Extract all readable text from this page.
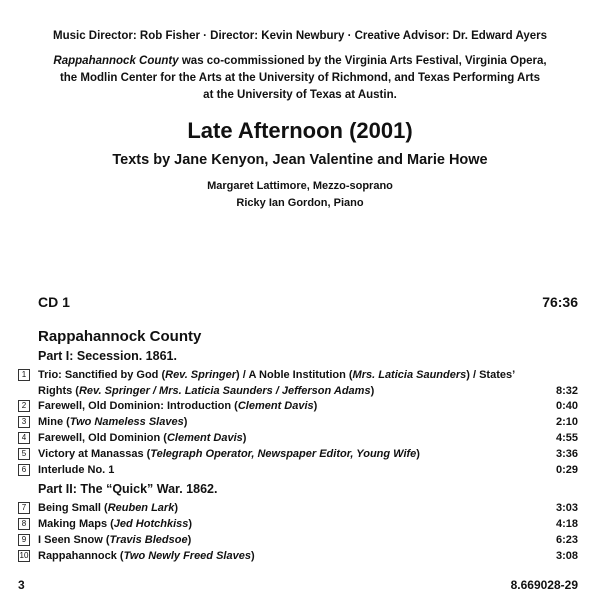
Music Director: Rob Fisher · Director: Kevin Newbury · Creative Advisor: Dr. Edward Ayers
Rappahannock County was co-commissioned by the Virginia Arts Festival, Virginia Opera,
the Modlin Center for the Arts at the University of Richmond, and Texas Performing Arts
at the University of Texas at Austin.
Late Afternoon (2001)
Texts by Jane Kenyon, Jean Valentine and Marie Howe
Margaret Lattimore, Mezzo-soprano
Ricky Ian Gordon, Piano
CD 1	76:36
Rappahannock County
Part I: Secession. 1861.
1	Trio: Sanctified by God (Rev. Springer) / A Noble Institution (Mrs. Laticia Saunders) / States’ Rights (Rev. Springer / Mrs. Laticia Saunders / Jefferson Adams)	8:32
2	Farewell, Old Dominion: Introduction (Clement Davis)	0:40
3	Mine (Two Nameless Slaves)	2:10
4	Farewell, Old Dominion (Clement Davis)	4:55
5	Victory at Manassas (Telegraph Operator, Newspaper Editor, Young Wife)	3:36
6	Interlude No. 1	0:29
Part II: The “Quick” War. 1862.
7	Being Small (Reuben Lark)	3:03
8	Making Maps (Jed Hotchkiss)	4:18
9	I Seen Snow (Travis Bledsoe)	6:23
10 Rappahannock (Two Newly Freed Slaves)	3:08
3	8.669028-29
